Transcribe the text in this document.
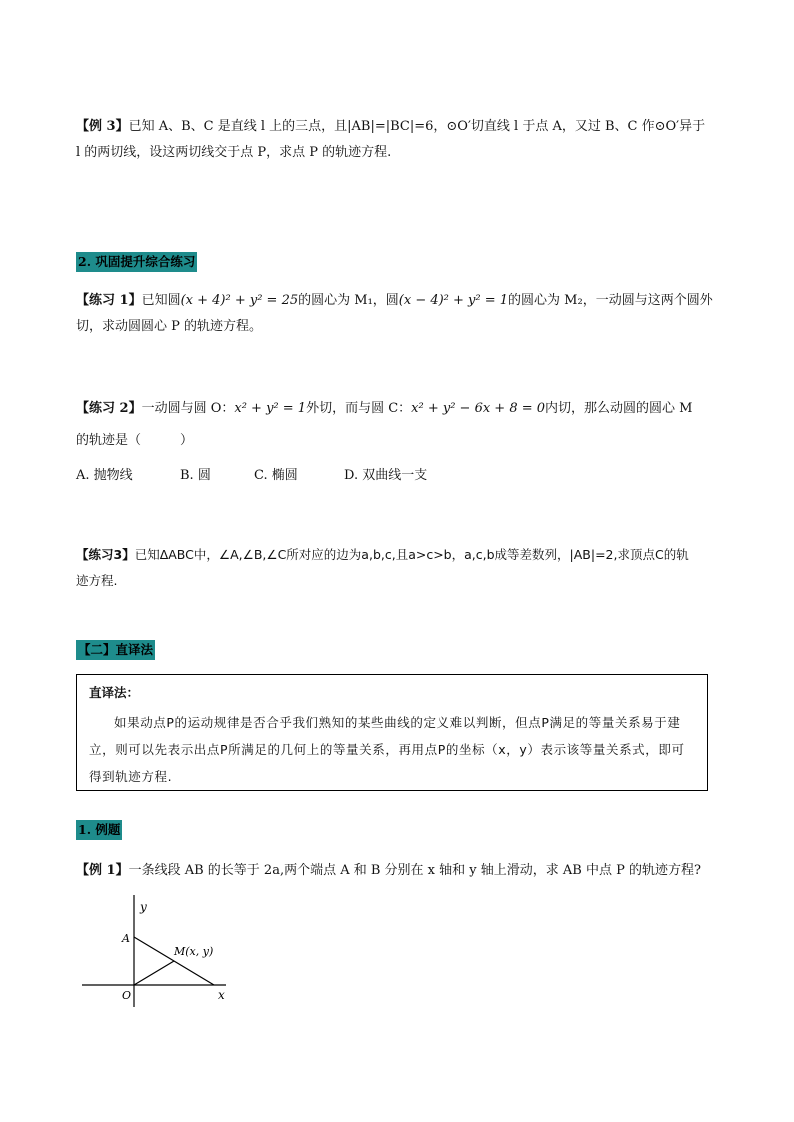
【例 3】已知 A、B、C 是直线 l 上的三点，且|AB|=|BC|=6，⊙O′切直线 l 于点 A，又过 B、C 作⊙O′异于
l 的两切线，设这两切线交于点 P，求点 P 的轨迹方程.
2. 巩固提升综合练习
【练习 1】已知圆(x + 4)² + y² = 25的圆心为 M₁，圆(x − 4)² + y² = 1的圆心为 M₂，一动圆与这两个圆外
切，求动圆圆心 P 的轨迹方程。
【练习 2】一动圆与圆 O：x² + y² = 1外切，而与圆 C：x² + y² − 6x + 8 = 0内切，那么动圆的圆心 M
的轨迹是（　　　）
A. 抛物线	B. 圆	C. 椭圆	D. 双曲线一支
【练习3】已知ΔABC中，∠A,∠B,∠C所对应的边为a,b,c,且a>c>b，a,c,b成等差数列，|AB|=2,求顶点C的轨
迹方程.
【二】直译法
直译法：
如果动点P的运动规律是否合乎我们熟知的某些曲线的定义难以判断，但点P满足的等量关系易于建立，则可以先表示出点P所满足的几何上的等量关系，再用点P的坐标（x，y）表示该等量关系式，即可得到轨迹方程.
1. 例题
【例 1】一条线段 AB 的长等于 2a,两个端点 A 和 B 分别在 x 轴和 y 轴上滑动，求 AB 中点 P 的轨迹方程?
y
x
O
A
M(x, y)
